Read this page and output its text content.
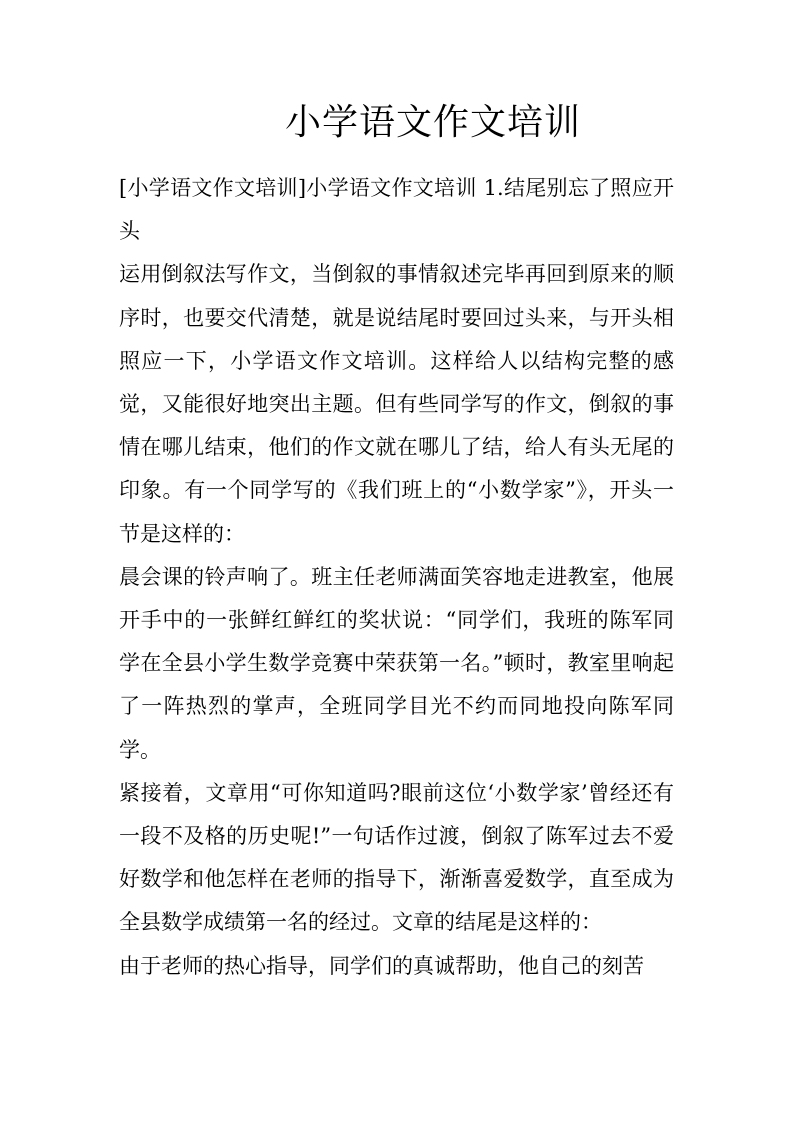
小学语文作文培训

[小学语文作文培训]小学语文作文培训 1.结尾别忘了照应开头

运用倒叙法写作文，当倒叙的事情叙述完毕再回到原来的顺序时，也要交代清楚，就是说结尾时要回过头来，与开头相照应一下，小学语文作文培训。这样给人以结构完整的感觉，又能很好地突出主题。但有些同学写的作文，倒叙的事情在哪儿结束，他们的作文就在哪儿了结，给人有头无尾的印象。有一个同学写的《我们班上的“小数学家”》，开头一节是这样的：

晨会课的铃声响了。班主任老师满面笑容地走进教室，他展开手中的一张鲜红鲜红的奖状说：“同学们，我班的陈军同学在全县小学生数学竞赛中荣获第一名。”顿时，教室里响起了一阵热烈的掌声，全班同学目光不约而同地投向陈军同学。

紧接着，文章用“可你知道吗?眼前这位‘小数学家’曾经还有一段不及格的历史呢!”一句话作过渡，倒叙了陈军过去不爱好数学和他怎样在老师的指导下，渐渐喜爱数学，直至成为全县数学成绩第一名的经过。文章的结尾是这样的：

由于老师的热心指导，同学们的真诚帮助，他自己的刻苦
